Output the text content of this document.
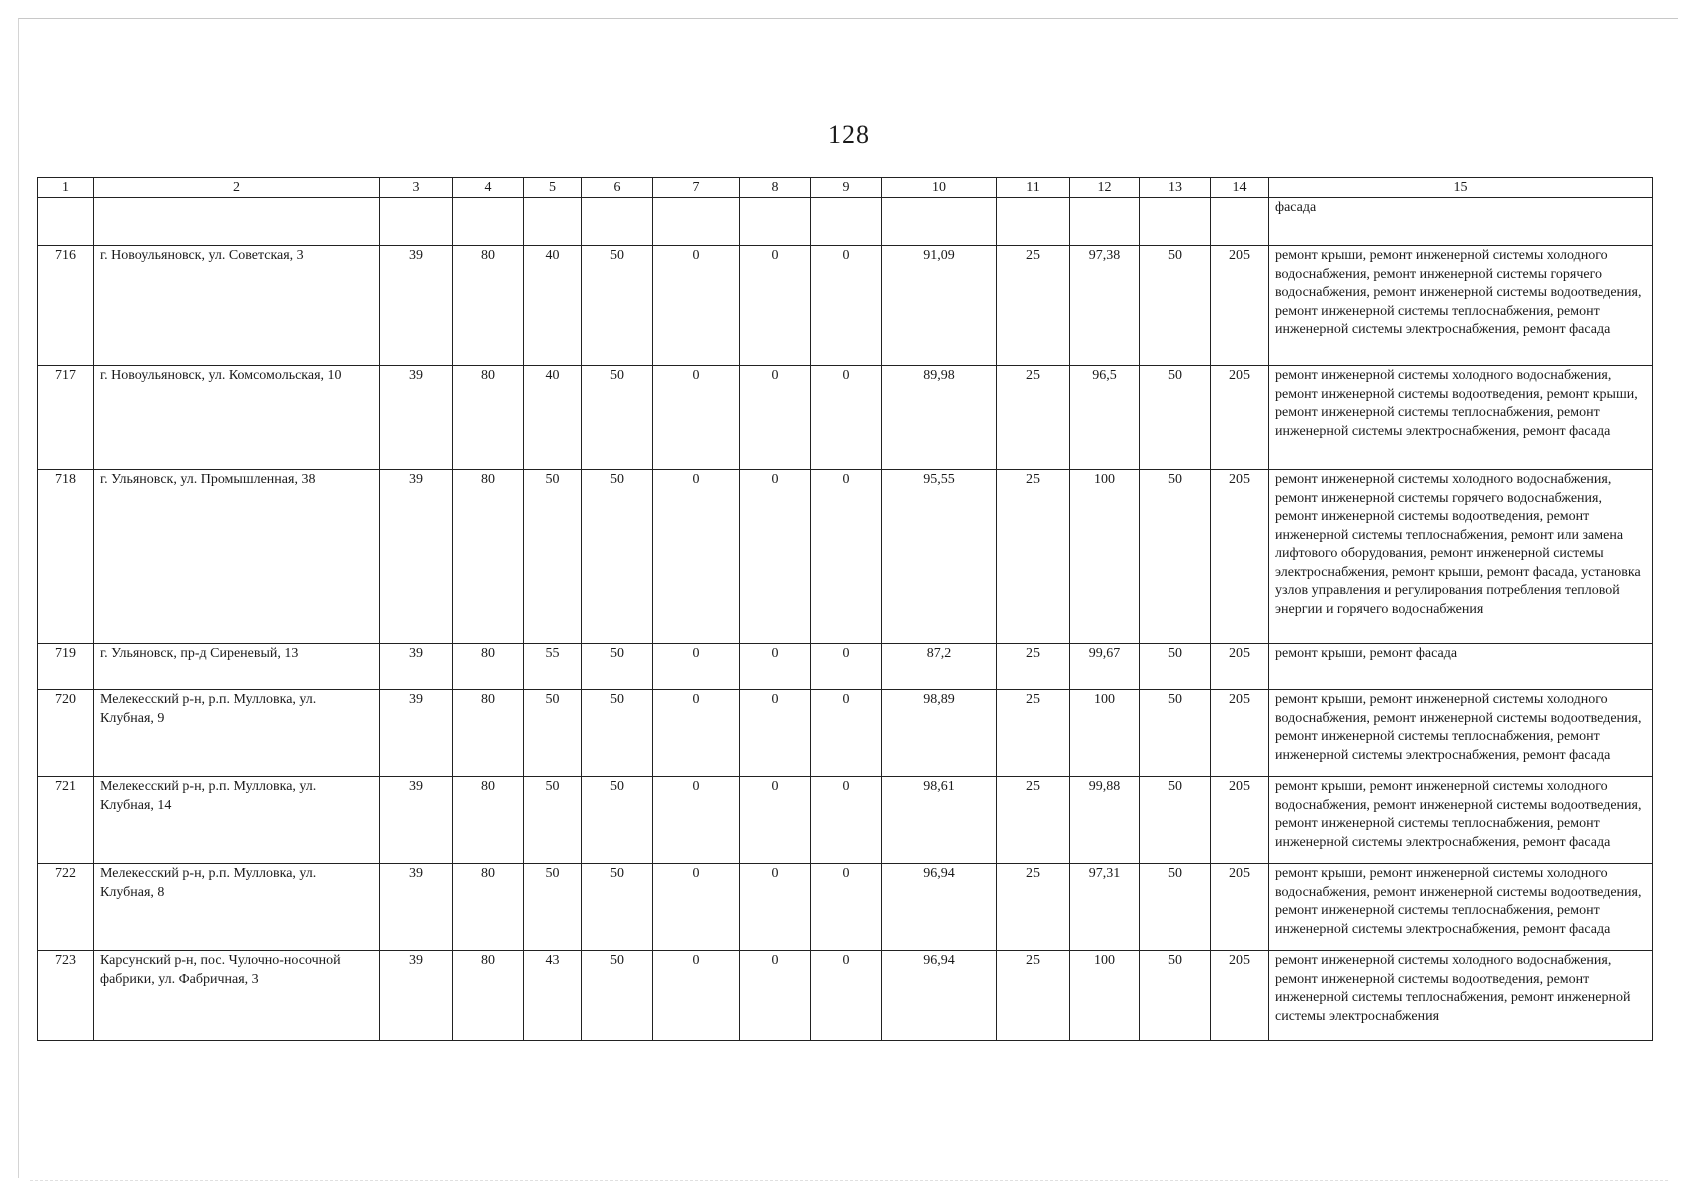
128
1	2	3	4	5	6	7	8	9	10	11	12	13	14	15
														фасада
716	г. Новоульяновск, ул. Советская, 3	39	80	40	50	0	0	0	91,09	25	97,38	50	205	ремонт крыши, ремонт инженерной системы холодного водоснабжения, ремонт инженерной системы горячего водоснабжения, ремонт инженерной системы водоотведения, ремонт инженерной системы теплоснабжения, ремонт инженерной системы электроснабжения, ремонт фасада
717	г. Новоульяновск, ул. Комсомольская, 10	39	80	40	50	0	0	0	89,98	25	96,5	50	205	ремонт инженерной системы холодного водоснабжения, ремонт инженерной системы водоотведения, ремонт крыши, ремонт инженерной системы теплоснабжения, ремонт инженерной системы электроснабжения, ремонт фасада
718	г. Ульяновск, ул. Промышленная, 38	39	80	50	50	0	0	0	95,55	25	100	50	205	ремонт инженерной системы холодного водоснабжения, ремонт инженерной системы горячего водоснабжения, ремонт инженерной системы водоотведения, ремонт инженерной системы теплоснабжения, ремонт или замена лифтового оборудования, ремонт инженерной системы электроснабжения, ремонт крыши, ремонт фасада, установка узлов управления и регулирования потребления тепловой энергии и горячего водоснабжения
719	г. Ульяновск, пр-д Сиреневый, 13	39	80	55	50	0	0	0	87,2	25	99,67	50	205	ремонт крыши, ремонт фасада
720	Мелекесский р-н, р.п. Мулловка, ул. Клубная, 9	39	80	50	50	0	0	0	98,89	25	100	50	205	ремонт крыши, ремонт инженерной системы холодного водоснабжения, ремонт инженерной системы водоотведения, ремонт инженерной системы теплоснабжения, ремонт инженерной системы электроснабжения, ремонт фасада
721	Мелекесский р-н, р.п. Мулловка, ул. Клубная, 14	39	80	50	50	0	0	0	98,61	25	99,88	50	205	ремонт крыши, ремонт инженерной системы холодного водоснабжения, ремонт инженерной системы водоотведения, ремонт инженерной системы теплоснабжения, ремонт инженерной системы электроснабжения, ремонт фасада
722	Мелекесский р-н, р.п. Мулловка, ул. Клубная, 8	39	80	50	50	0	0	0	96,94	25	97,31	50	205	ремонт крыши, ремонт инженерной системы холодного водоснабжения, ремонт инженерной системы водоотведения, ремонт инженерной системы теплоснабжения, ремонт инженерной системы электроснабжения, ремонт фасада
723	Карсунский р-н, пос. Чулочно-носочной фабрики, ул. Фабричная, 3	39	80	43	50	0	0	0	96,94	25	100	50	205	ремонт инженерной системы холодного водоснабжения, ремонт инженерной системы водоотведения, ремонт инженерной системы теплоснабжения, ремонт инженерной системы электроснабжения
